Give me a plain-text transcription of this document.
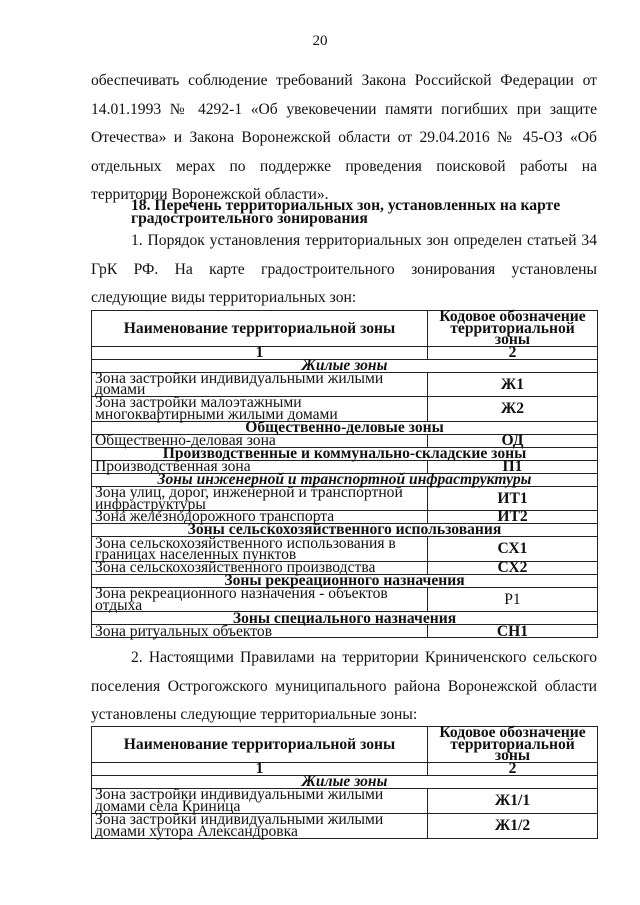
20

обеспечивать соблюдение требований Закона Российской Федерации от 14.01.1993 № 4292-1 «Об увековечении памяти погибших при защите Отечества» и Закона Воронежской области от 29.04.2016 № 45-ОЗ «Об отдельных мерах по поддержке проведения поисковой работы на территории Воронежской области».

18. Перечень территориальных зон, установленных на карте градостроительного зонирования

1. Порядок установления территориальных зон определен статьей 34 ГрК РФ. На карте градостроительного зонирования установлены следующие виды территориальных зон:

Наименование территориальной зоны	Кодовое обозначение территориальной зоны
1	2
Жилые зоны	
Зона застройки индивидуальными жилыми домами	Ж1
Зона застройки малоэтажными многоквартирными жилыми домами	Ж2
Общественно-деловые зоны	
Общественно-деловая зона	ОД
Производственные и коммунально-складские зоны	
Производственная зона	П1
Зоны инженерной и транспортной инфраструктуры	
Зона улиц, дорог, инженерной и транспортной инфраструктуры	ИТ1
Зона железнодорожного транспорта	ИТ2
Зоны сельскохозяйственного использования	
Зона сельскохозяйственного использования в границах населенных пунктов	СХ1
Зона сельскохозяйственного производства	СХ2
Зоны рекреационного назначения	
Зона рекреационного назначения - объектов отдыха	Р1
Зоны специального назначения	
Зона ритуальных объектов	СН1

2. Настоящими Правилами на территории Криниченского сельского поселения Острогожского муниципального района Воронежской области установлены следующие территориальные зоны:

Наименование территориальной зоны	Кодовое обозначение территориальной зоны
1	2
Жилые зоны	
Зона застройки индивидуальными жилыми домами села Криница	Ж1/1
Зона застройки индивидуальными жилыми домами хутора Александровка	Ж1/2
